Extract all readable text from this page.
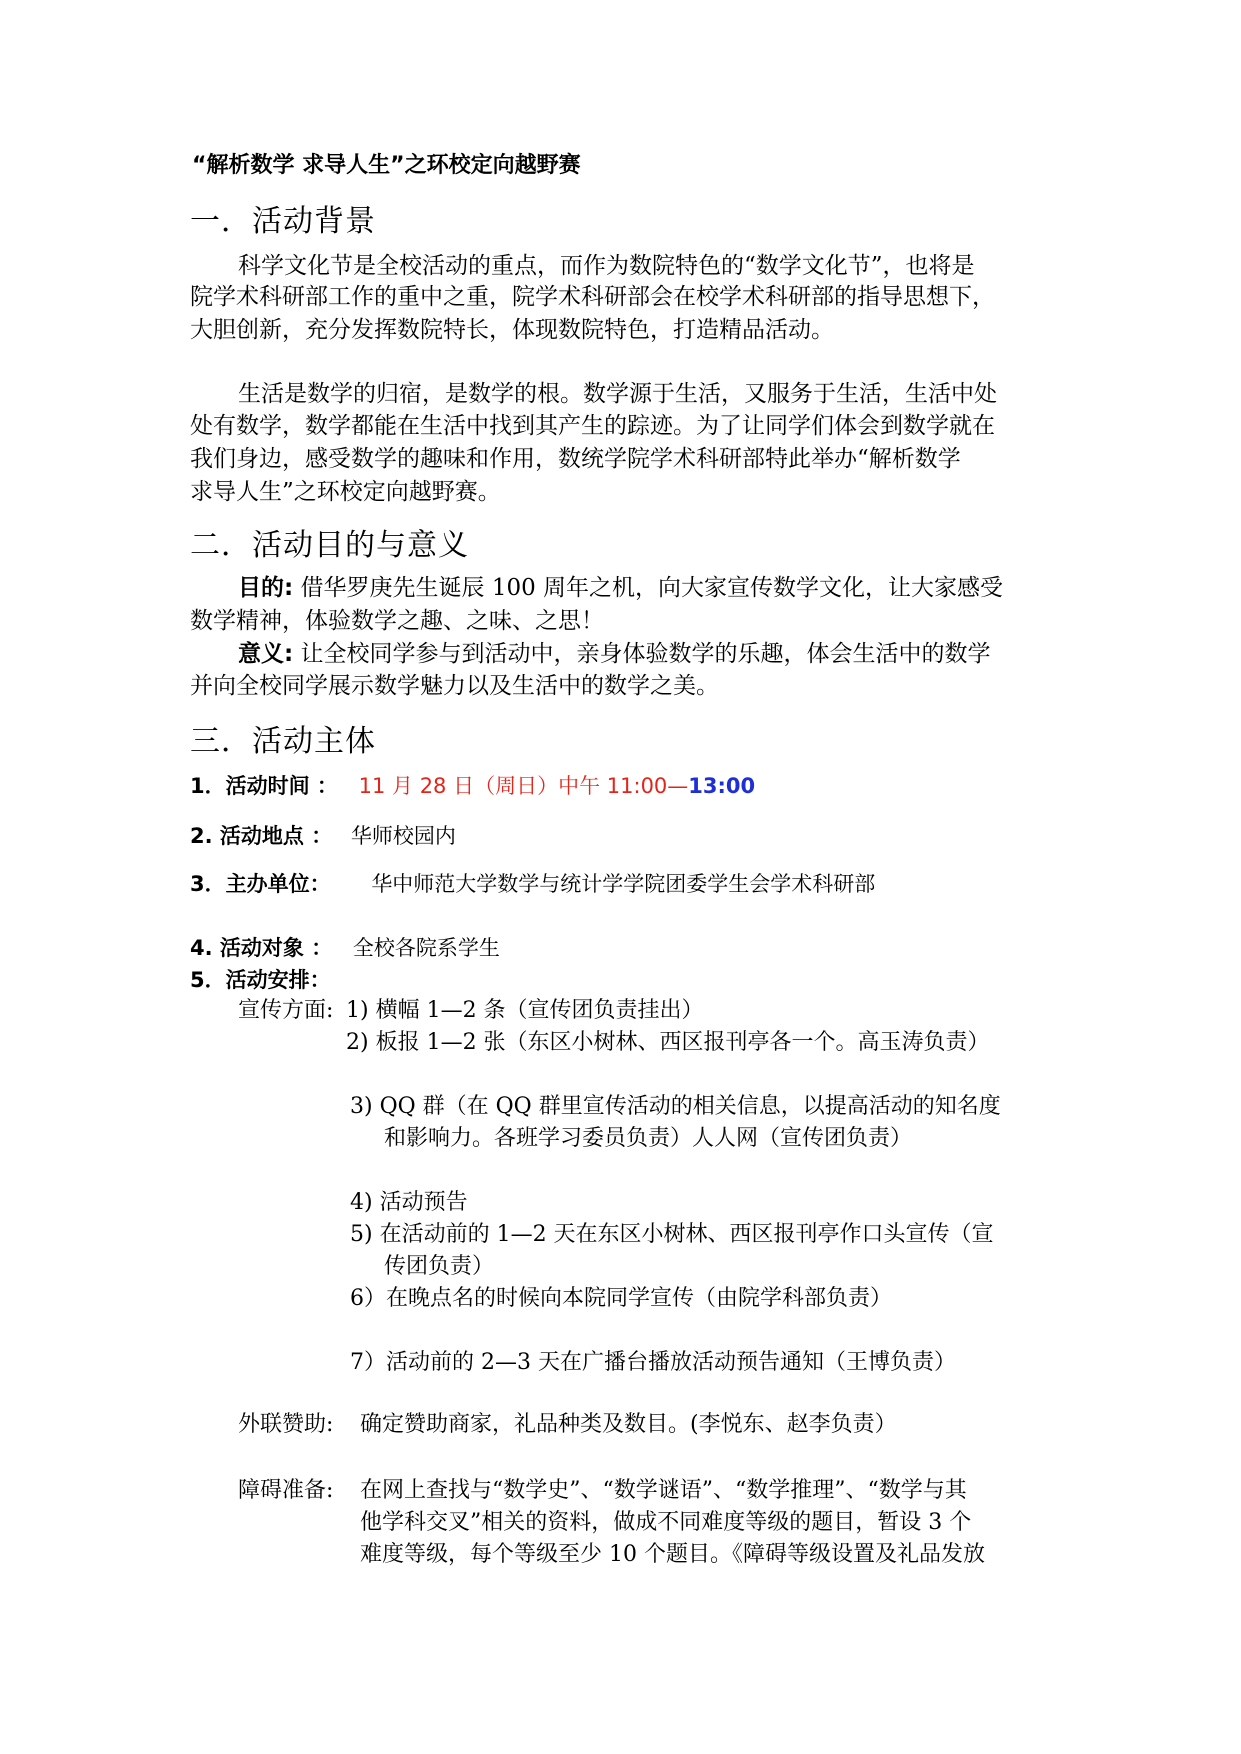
“解析数学 求导人生”之环校定向越野赛
一．活动背景
科学文化节是全校活动的重点，而作为数院特色的“数学文化节”，也将是
院学术科研部工作的重中之重，院学术科研部会在校学术科研部的指导思想下，
大胆创新，充分发挥数院特长，体现数院特色，打造精品活动。
生活是数学的归宿，是数学的根。数学源于生活，又服务于生活，生活中处
处有数学，数学都能在生活中找到其产生的踪迹。为了让同学们体会到数学就在
我们身边，感受数学的趣味和作用，数统学院学术科研部特此举办“解析数学
求导人生”之环校定向越野赛。
二．活动目的与意义
目的: 借华罗庚先生诞辰 100 周年之机，向大家宣传数学文化，让大家感受
数学精神，体验数学之趣、之味、之思！
意义: 让全校同学参与到活动中，亲身体验数学的乐趣，体会生活中的数学
并向全校同学展示数学魅力以及生活中的数学之美。
三．活动主体
1．活动时间 ： 11 月 28 日（周日）中午 11:00—13:00
2. 活动地点 ： 华师校园内
3．主办单位： 华中师范大学数学与统计学学院团委学生会学术科研部
4. 活动对象 ： 全校各院系学生
5．活动安排：
宣传方面: 1) 横幅 1—2 条（宣传团负责挂出）
2) 板报 1—2 张（东区小树林、西区报刊亭各一个。高玉涛负责）
3) QQ 群（在 QQ 群里宣传活动的相关信息，以提高活动的知名度
和影响力。各班学习委员负责）人人网（宣传团负责）
4) 活动预告
5) 在活动前的 1—2 天在东区小树林、西区报刊亭作口头宣传（宣
传团负责）
6）在晚点名的时候向本院同学宣传（由院学科部负责）
7）活动前的 2—3 天在广播台播放活动预告通知（王博负责）
外联赞助: 确定赞助商家，礼品种类及数目。(李悦东、赵李负责）
障碍准备: 在网上查找与“数学史”、“数学谜语”、“数学推理”、“数学与其
他学科交叉”相关的资料，做成不同难度等级的题目，暂设 3 个
难度等级，每个等级至少 10 个题目。《障碍等级设置及礼品发放
